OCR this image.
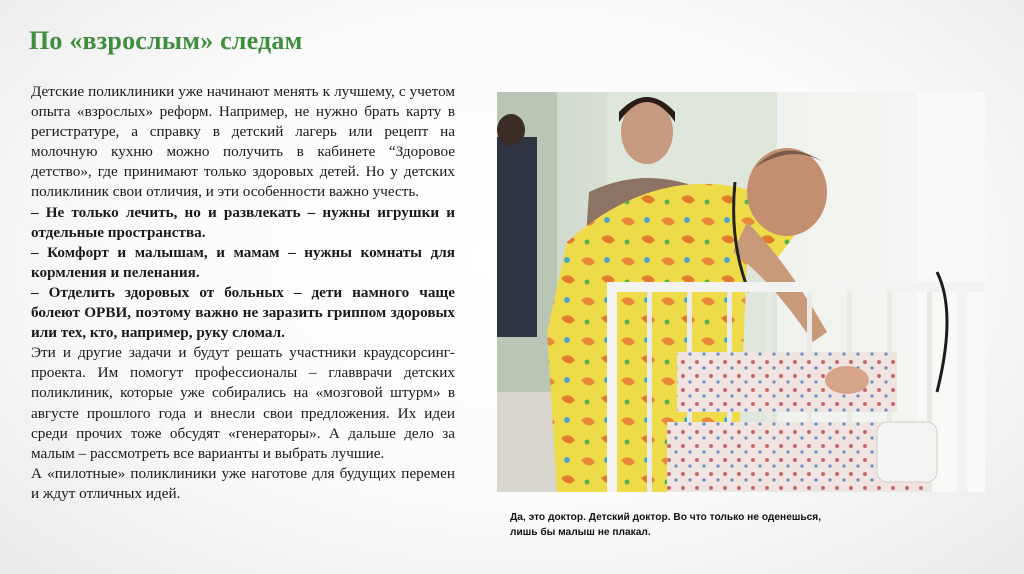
По «взрослым» следам

Детские поликлиники уже начинают менять к лучшему, с учетом опыта «взрослых» реформ. Например, не нужно брать карту в регистратуре, а справку в детский лагерь или рецепт на молочную кухню можно получить в кабинете “Здоровое детство», где принимают только здоровых детей. Но у детских поликлиник свои отличия, и эти особенности важно учесть.

– Не только лечить, но и развлекать – нужны игрушки и отдельные пространства.

– Комфорт и малышам, и мамам – нужны комнаты для кормления и пеленания.

– Отделить здоровых от больных – дети намного чаще болеют ОРВИ, поэтому важно не заразить гриппом здоровых или тех, кто, например, руку сломал.

Эти и другие задачи и будут решать участники краудсорсинг-проекта. Им помогут профессионалы – главврачи детских поликлиник, которые уже собирались на «мозговой штурм» в августе прошлого года и внесли свои предложения. Их идеи среди прочих тоже обсудят «генераторы». А дальше дело за малым – рассмотреть все варианты и выбрать лучшие.

А «пилотные» поликлиники уже наготове для будущих перемен и ждут отличных идей.

Да, это доктор. Детский доктор. Во что только не оденешься,

лишь бы малыш не плакал.
